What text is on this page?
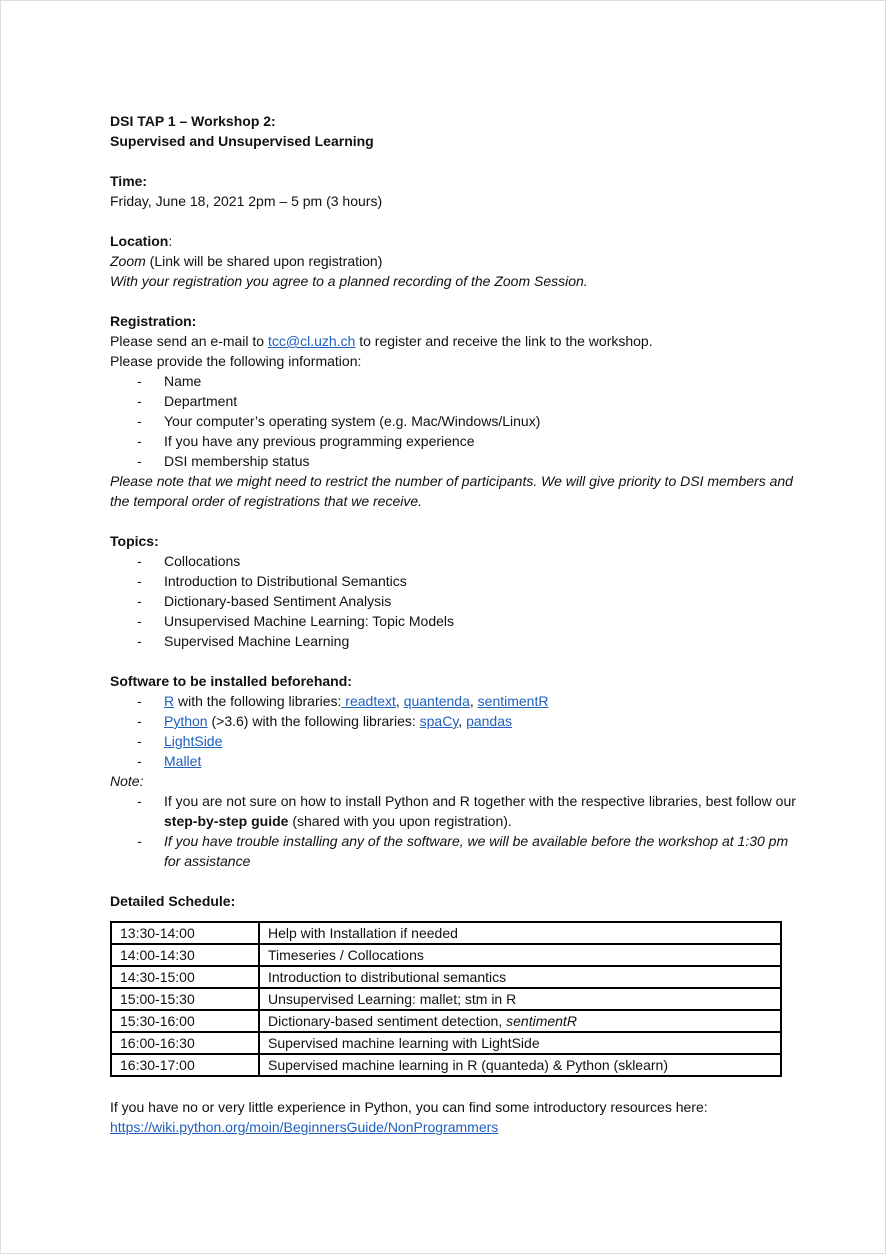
DSI TAP 1 – Workshop 2:
Supervised and Unsupervised Learning
Time:
Friday, June 18, 2021 2pm – 5 pm (3 hours)
Location:
Zoom (Link will be shared upon registration)
With your registration you agree to a planned recording of the Zoom Session.
Registration:
Please send an e-mail to tcc@cl.uzh.ch to register and receive the link to the workshop.
Please provide the following information:
- Name
- Department
- Your computer’s operating system (e.g. Mac/Windows/Linux)
- If you have any previous programming experience
- DSI membership status
Please note that we might need to restrict the number of participants. We will give priority to DSI members and the temporal order of registrations that we receive.
Topics:
- Collocations
- Introduction to Distributional Semantics
- Dictionary-based Sentiment Analysis
- Unsupervised Machine Learning: Topic Models
- Supervised Machine Learning
Software to be installed beforehand:
- R with the following libraries: readtext, quantenda, sentimentR
- Python (>3.6) with the following libraries: spaCy, pandas
- LightSide
- Mallet
Note:
- If you are not sure on how to install Python and R together with the respective libraries, best follow our step-by-step guide (shared with you upon registration).
- If you have trouble installing any of the software, we will be available before the workshop at 1:30 pm for assistance
Detailed Schedule:
13:30-14:00	Help with Installation if needed
14:00-14:30	Timeseries / Collocations
14:30-15:00	Introduction to distributional semantics
15:00-15:30	Unsupervised Learning: mallet; stm in R
15:30-16:00	Dictionary-based sentiment detection, sentimentR
16:00-16:30	Supervised machine learning with LightSide
16:30-17:00	Supervised machine learning in R (quanteda) & Python (sklearn)
If you have no or very little experience in Python, you can find some introductory resources here:
https://wiki.python.org/moin/BeginnersGuide/NonProgrammers
